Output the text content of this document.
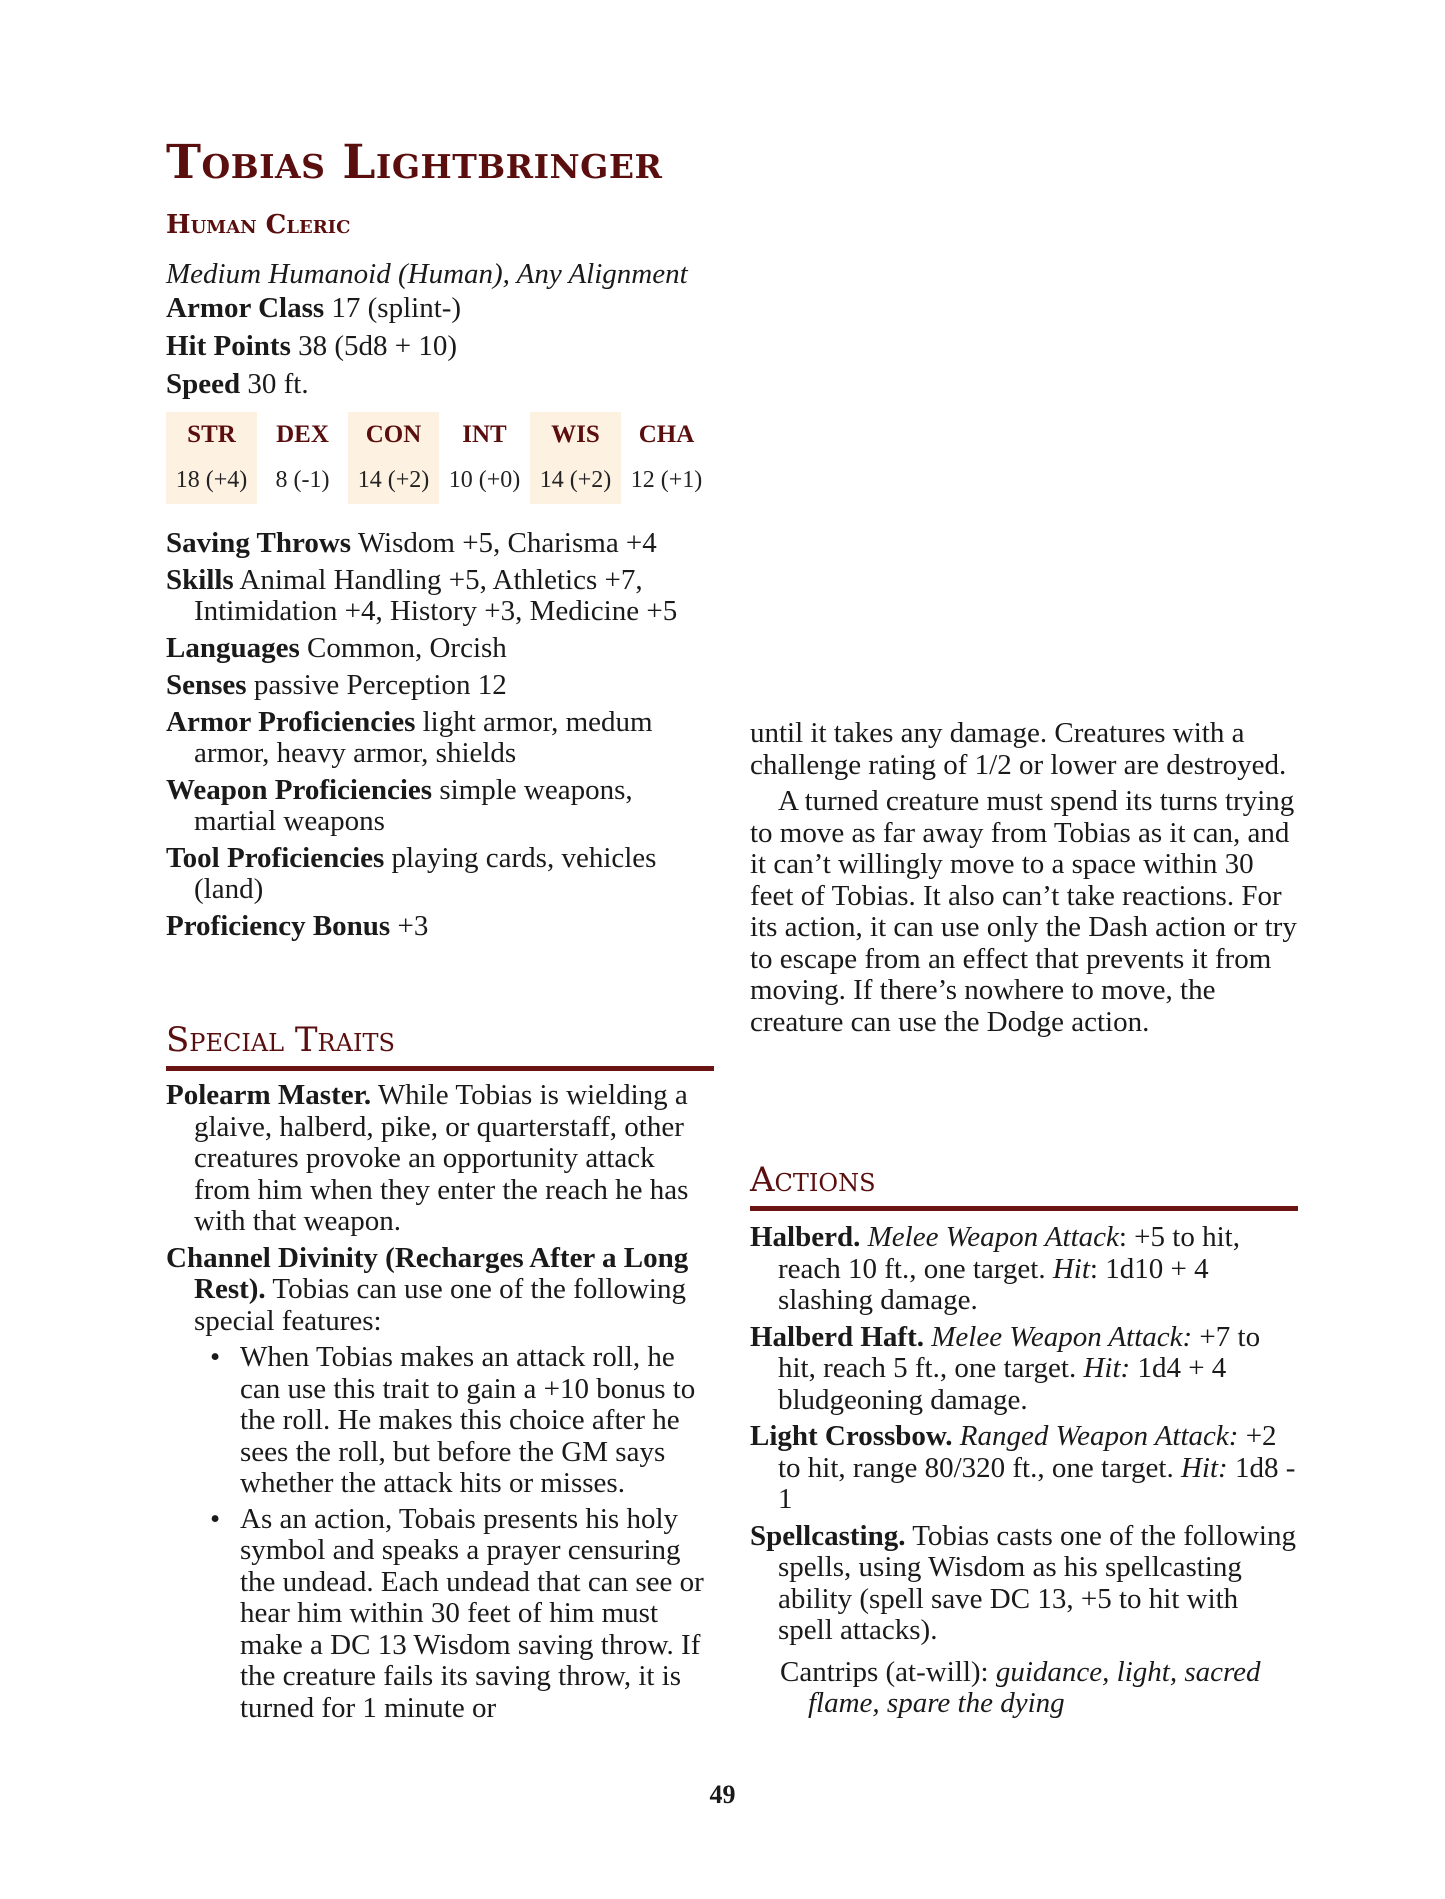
Tobias Lightbringer
Human Cleric
Medium Humanoid (Human), Any Alignment
Armor Class 17 (splint-)
Hit Points 38 (5d8 + 10)
Speed 30 ft.
STR
18 (+4)
DEX
8 (-1)
CON
14 (+2)
INT
10 (+0)
WIS
14 (+2)
CHA
12 (+1)
Saving Throws Wisdom +5, Charisma +4
Skills Animal Handling +5, Athletics +7, Intimidation +4, History +3, Medicine +5
Languages Common, Orcish
Senses passive Perception 12
Armor Proficiencies light armor, medum armor, heavy armor, shields
Weapon Proficiencies simple weapons, martial weapons
Tool Proficiencies playing cards, vehicles (land)
Proficiency Bonus +3
Special Traits
Polearm Master. While Tobias is wielding a glaive, halberd, pike, or quarterstaff, other creatures provoke an opportunity attack from him when they enter the reach he has with that weapon.
Channel Divinity (Recharges After a Long Rest). Tobias can use one of the following special features:
• When Tobias makes an attack roll, he can use this trait to gain a +10 bonus to the roll. He makes this choice after he sees the roll, but before the GM says whether the attack hits or misses.
• As an action, Tobais presents his holy symbol and speaks a prayer censuring the undead. Each undead that can see or hear him within 30 feet of him must make a DC 13 Wisdom saving throw. If the creature fails its saving throw, it is turned for 1 minute or
until it takes any damage. Creatures with a challenge rating of 1/2 or lower are destroyed.
A turned creature must spend its turns trying to move as far away from Tobias as it can, and it can’t willingly move to a space within 30 feet of Tobias. It also can’t take reactions. For its action, it can use only the Dash action or try to escape from an effect that prevents it from moving. If there’s nowhere to move, the creature can use the Dodge action.
Actions
Halberd. Melee Weapon Attack: +5 to hit, reach 10 ft., one target. Hit: 1d10 + 4 slashing damage.
Halberd Haft. Melee Weapon Attack: +7 to hit, reach 5 ft., one target. Hit: 1d4 + 4 bludgeoning damage.
Light Crossbow. Ranged Weapon Attack: +2 to hit, range 80/320 ft., one target. Hit: 1d8 - 1
Spellcasting. Tobias casts one of the following spells, using Wisdom as his spellcasting ability (spell save DC 13, +5 to hit with spell attacks).
Cantrips (at-will): guidance, light, sacred flame, spare the dying
49
